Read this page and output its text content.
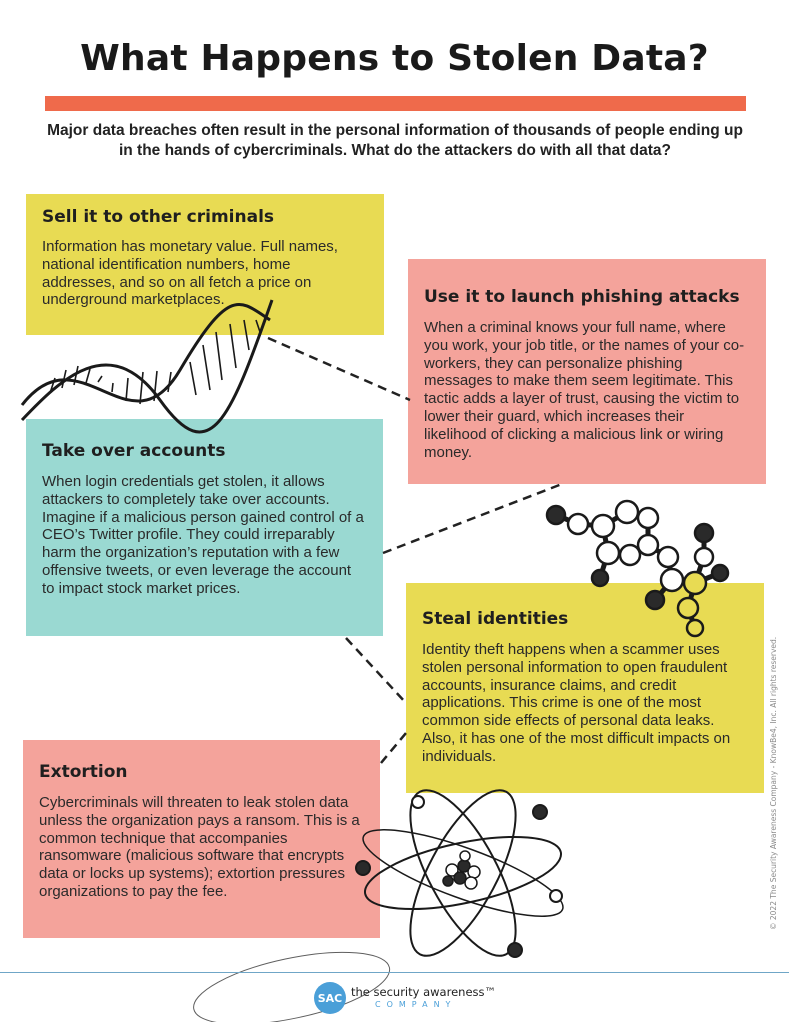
What Happens to Stolen Data?

Major data breaches often result in the personal information of thousands of people ending up in the hands of cybercriminals. What do the attackers do with all that data?

Sell it to other criminals

Information has monetary value. Full names, national identification numbers, home addresses, and so on all fetch a price on underground marketplaces.	Use it to launch phishing attacks

When a criminal knows your full name, where you work, your job title, or the names of your co-workers, they can personalize phishing messages to make them seem legitimate. This tactic adds a layer of trust, causing the victim to lower their guard, which increases their likelihood of clicking a malicious link or wiring money.

Take over accounts

When login credentials get stolen, it allows attackers to completely take over accounts. Imagine if a malicious person gained control of a CEO’s Twitter profile. They could irreparably harm the organization’s reputation with a few offensive tweets, or even leverage the account to impact stock market prices.

Steal identities

Identity theft happens when a scammer uses stolen personal information to open fraudulent accounts, insurance claims, and credit applications. This crime is one of the most common side effects of personal data leaks. Also, it has one of the most difficult impacts on individuals.

Extortion

Cybercriminals will threaten to leak stolen data unless the organization pays a ransom. This is a common technique that accompanies ransomware (malicious software that encrypts data or locks up systems); extortion pressures organizations to pay the fee.	© 2022 The Security Awareness Company - KnowBe4, Inc. All rights reserved.
SAC the security awareness™
COMPANY
